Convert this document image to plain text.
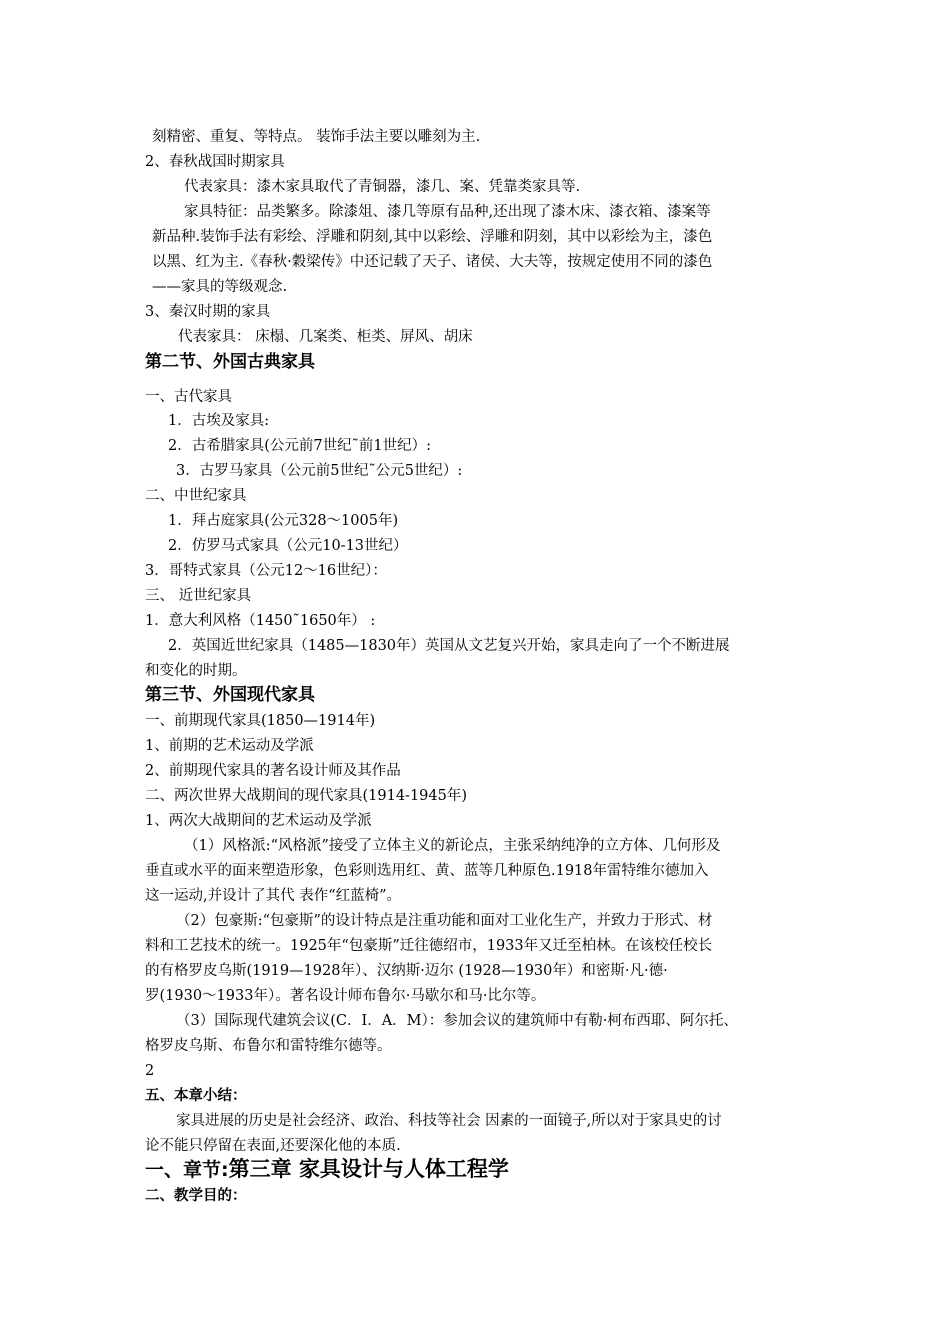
刻精密、重复、等特点。 装饰手法主要以雕刻为主.
2、春秋战国时期家具
代表家具：漆木家具取代了青铜器，漆几、案、凭靠类家具等.
家具特征：品类繁多。除漆俎、漆几等原有品种,还出现了漆木床、漆衣箱、漆案等
新品种.装饰手法有彩绘、浮雕和阴刻,其中以彩绘、浮雕和阴刻，其中以彩绘为主，漆色
以黑、红为主.《春秋·穀梁传》中还记载了天子、诸侯、大夫等，按规定使用不同的漆色
——家具的等级观念.
3、秦汉时期的家具
代表家具： 床榻、几案类、柜类、屏风、胡床
第二节、外国古典家具
一、古代家具
1．古埃及家具:
2．古希腊家具(公元前7世纪˜前1世纪）:
3．古罗马家具（公元前5世纪˜公元5世纪）:
二、中世纪家具
1．拜占庭家具(公元328～1005年)
2．仿罗马式家具（公元10-13世纪）
3．哥特式家具（公元12～16世纪）：
三、 近世纪家具
1．意大利风格（1450˜1650年） :
2．英国近世纪家具（1485—1830年）英国从文艺复兴开始，家具走向了一个不断进展
和变化的时期。
第三节、外国现代家具
一、前期现代家具(1850—1914年)
1、前期的艺术运动及学派
2、前期现代家具的著名设计师及其作品
二、两次世界大战期间的现代家具(1914-1945年)
1、两次大战期间的艺术运动及学派
（1）风格派:“风格派”接受了立体主义的新论点，主张采纳纯净的立方体、几何形及
垂直或水平的面来塑造形象，色彩则选用红、黄、蓝等几种原色.1918年雷特维尔德加入
这一运动,并设计了其代 表作“红蓝椅”。
（2）包豪斯:“包豪斯”的设计特点是注重功能和面对工业化生产，并致力于形式、材
料和工艺技术的统一。1925年“包豪斯”迁往德绍市，1933年又迁至柏林。在该校任校长
的有格罗皮乌斯(1919—1928年）、汉纳斯·迈尔 (1928—1930年）和密斯·凡·德·
罗(1930～1933年）。著名设计师布鲁尔·马歇尔和马·比尔等。
（3）国际现代建筑会议(C．I．A．M）：参加会议的建筑师中有勒·柯布西耶、阿尔托、
格罗皮乌斯、布鲁尔和雷特维尔德等。
2
五、本章小结：
家具进展的历史是社会经济、政治、科技等社会 因素的一面镜子,所以对于家具史的讨
论不能只停留在表面,还要深化他的本质.
一、章节:第三章 家具设计与人体工程学
二、教学目的：
